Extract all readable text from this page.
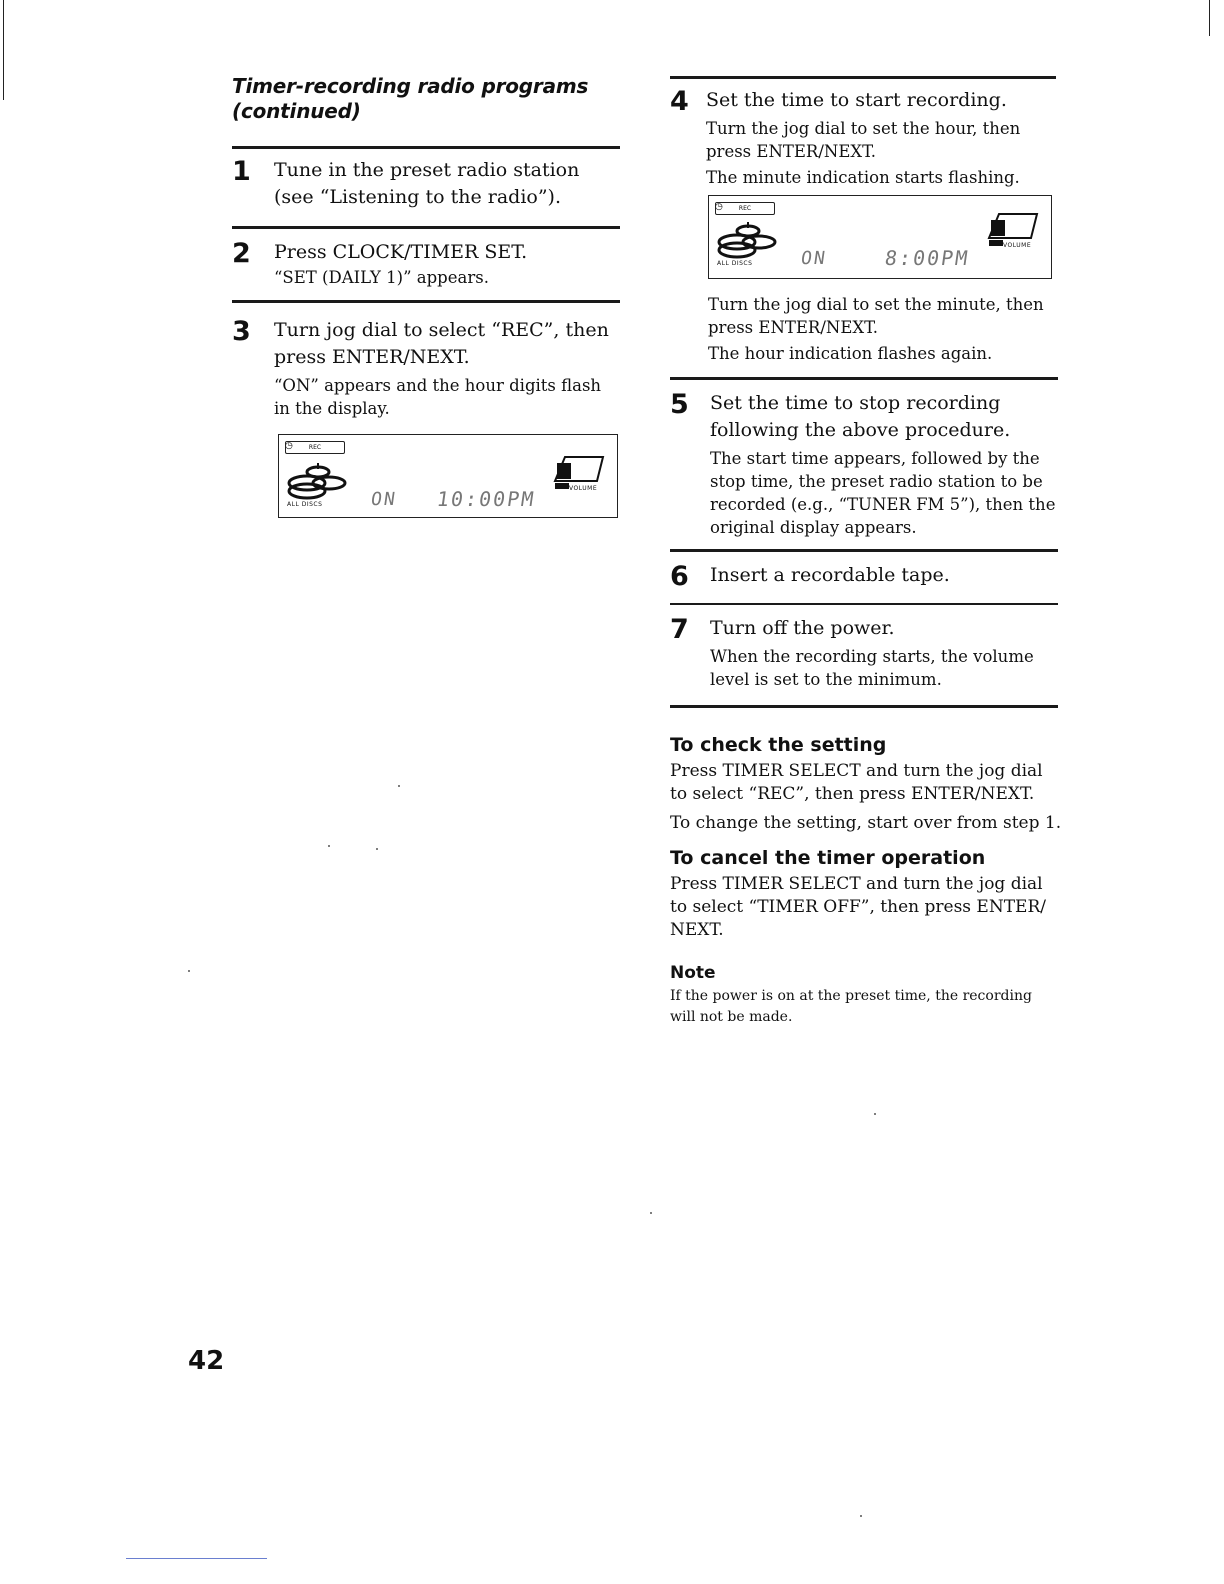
Timer-recording radio programs
(continued)
1 Tune in the preset radio station (see “Listening to the radio”).
2 Press CLOCK/TIMER SET.
“SET (DAILY 1)” appears.
3 Turn jog dial to select “REC”, then press ENTER/NEXT.
“ON” appears and the hour digits flash in the display.
◷	REC
ALL DISCS	ON 10:00PM	VOLUME
4 Set the time to start recording.
Turn the jog dial to set the hour, then press ENTER/NEXT.
The minute indication starts flashing.
◷	REC
ALL DISCS	ON	8:00PM
VOLUME
Turn the jog dial to set the minute, then press ENTER/NEXT.
The hour indication flashes again.
5 Set the time to stop recording following the above procedure.
The start time appears, followed by the stop time, the preset radio station to be recorded (e.g., “TUNER FM 5”), then the original display appears.
6 Insert a recordable tape.
7 Turn off the power.
When the recording starts, the volume level is set to the minimum.
To check the setting

Press TIMER SELECT and turn the jog dial to select “REC”, then press ENTER/NEXT.

To change the setting, start over from step 1.

To cancel the timer operation

Press TIMER SELECT and turn the jog dial to select “TIMER OFF”, then press ENTER/ NEXT.

Note

If the power is on at the preset time, the recording will not be made.

42
